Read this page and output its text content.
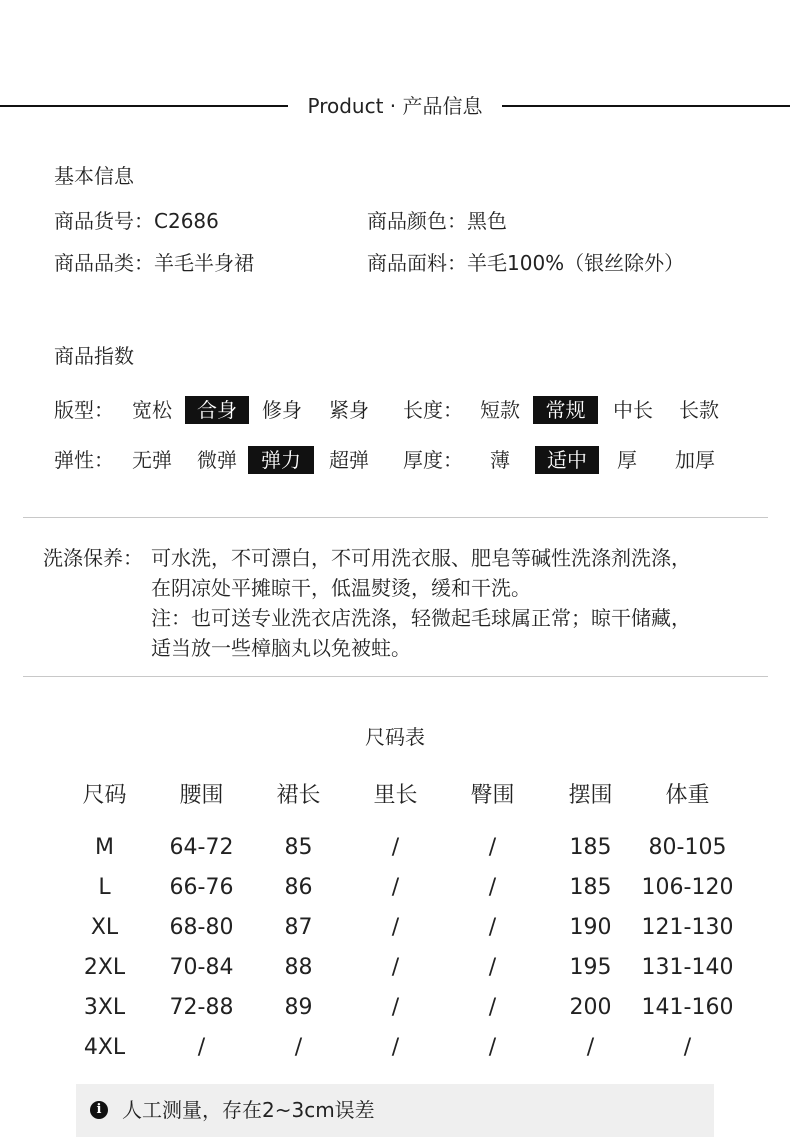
Product · 产品信息
基本信息
商品货号：C2686	商品颜色：黑色
商品品类：羊毛半身裙	商品面料：羊毛100%（银丝除外）
商品指数
版型： 宽松	合身	修身 紧身 长度： 短款	常规	中长 长款
弹性： 无弹	微弹	弹力	超弹 厚度：	薄	适中	厚 加厚
洗涤保养： 可水洗，不可漂白，不可用洗衣服、肥皂等碱性洗涤剂洗涤，
在阴凉处平摊晾干，低温熨烫，缓和干洗。
注：也可送专业洗衣店洗涤，轻微起毛球属正常；晾干储藏，
适当放一些樟脑丸以免被蛀。
尺码表
尺码	腰围	裙长	里长	臀围	摆围	体重
M	64-72	85	/	/	185	80-105
L	66-76	86	/	/	185	106-120
XL	68-80	87	/	/	190	121-130
2XL	70-84	88	/	/	195	131-140
3XL	72-88	89	/	/	200	141-160
4XL	/	/	/	/	/	/
i	人工测量，存在2~3cm误差
